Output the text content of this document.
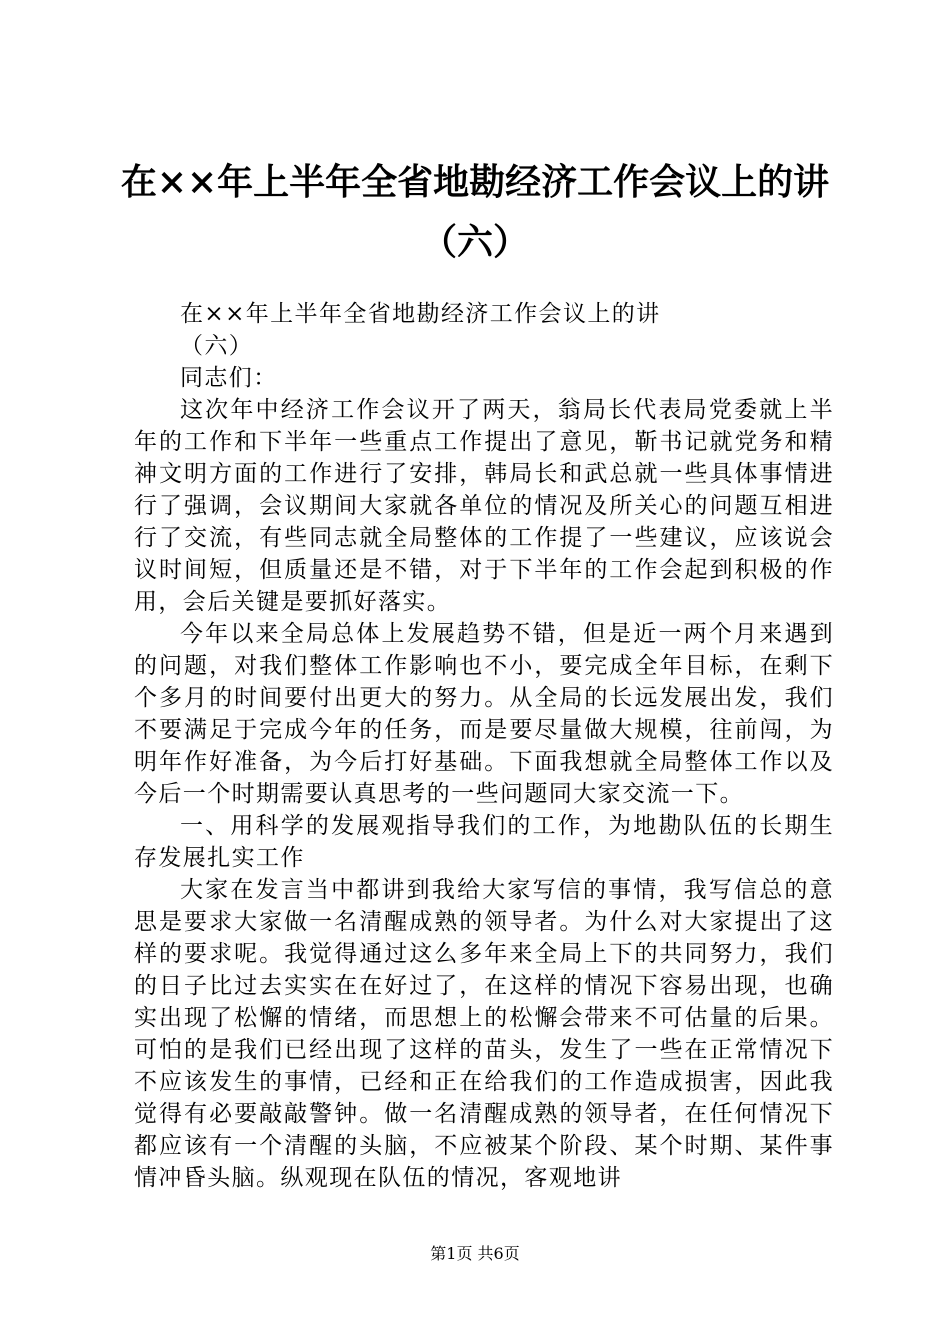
在××年上半年全省地勘经济工作会议上的讲
（六）

在××年上半年全省地勘经济工作会议上的讲

（六）

同志们：

这次年中经济工作会议开了两天，翁局长代表局党委就上半年的工作和下半年一些重点工作提出了意见，靳书记就党务和精神文明方面的工作进行了安排，韩局长和武总就一些具体事情进行了强调，会议期间大家就各单位的情况及所关心的问题互相进行了交流，有些同志就全局整体的工作提了一些建议，应该说会议时间短，但质量还是不错，对于下半年的工作会起到积极的作用，会后关键是要抓好落实。

今年以来全局总体上发展趋势不错，但是近一两个月来遇到的问题，对我们整体工作影响也不小，要完成全年目标，在剩下个多月的时间要付出更大的努力。从全局的长远发展出发，我们不要满足于完成今年的任务，而是要尽量做大规模，往前闯，为明年作好准备，为今后打好基础。下面我想就全局整体工作以及今后一个时期需要认真思考的一些问题同大家交流一下。

一、用科学的发展观指导我们的工作，为地勘队伍的长期生存发展扎实工作

大家在发言当中都讲到我给大家写信的事情，我写信总的意思是要求大家做一名清醒成熟的领导者。为什么对大家提出了这样的要求呢。我觉得通过这么多年来全局上下的共同努力，我们的日子比过去实实在在好过了，在这样的情况下容易出现，也确实出现了松懈的情绪，而思想上的松懈会带来不可估量的后果。可怕的是我们已经出现了这样的苗头，发生了一些在正常情况下不应该发生的事情，已经和正在给我们的工作造成损害，因此我觉得有必要敲敲警钟。做一名清醒成熟的领导者，在任何情况下都应该有一个清醒的头脑，不应被某个阶段、某个时期、某件事情冲昏头脑。纵观现在队伍的情况，客观地讲

第1页 共6页
